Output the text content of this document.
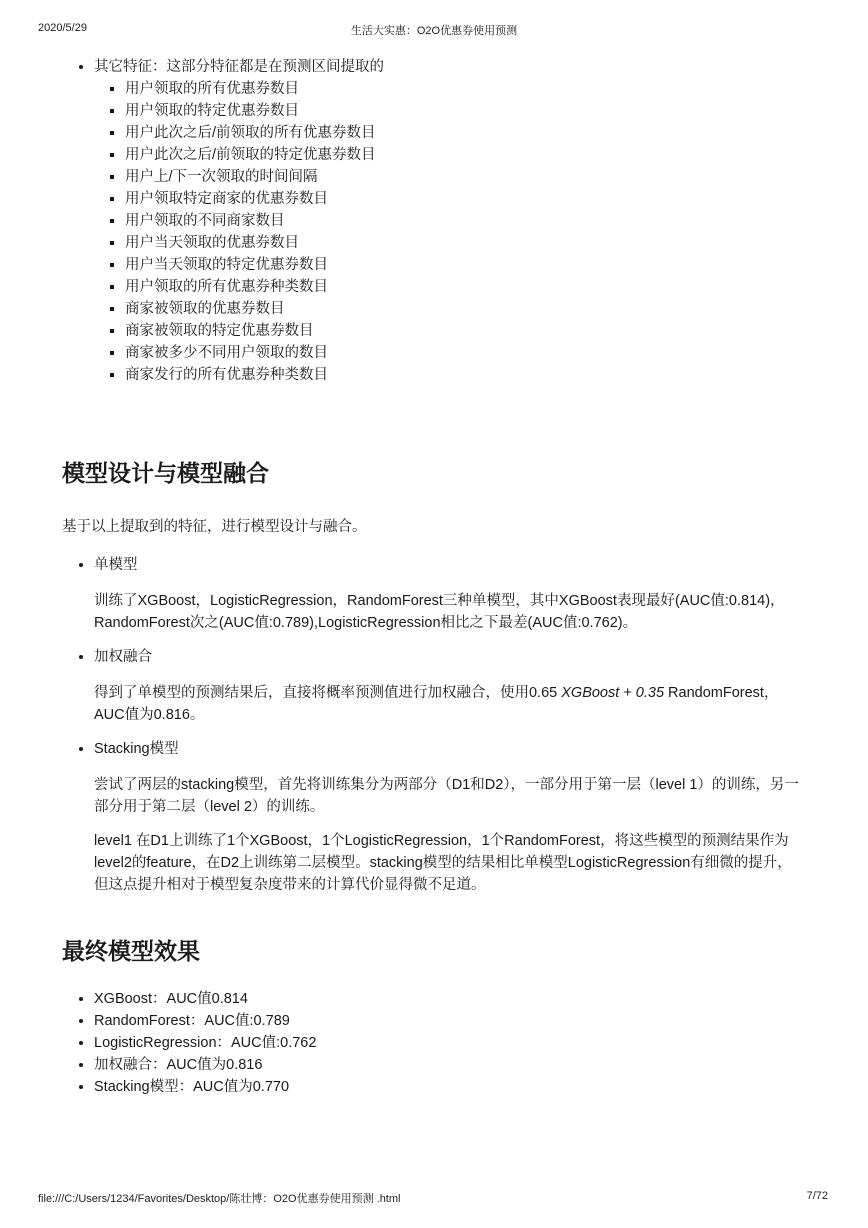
2020/5/29	生活大实惠：O2O优惠券使用预测
• 其它特征：这部分特征都是在预测区间提取的
▪ 用户领取的所有优惠券数目
▪ 用户领取的特定优惠券数目
▪ 用户此次之后/前领取的所有优惠券数目
▪ 用户此次之后/前领取的特定优惠券数目
▪ 用户上/下一次领取的时间间隔
▪ 用户领取特定商家的优惠券数目
▪ 用户领取的不同商家数目
▪ 用户当天领取的优惠券数目
▪ 用户当天领取的特定优惠券数目
▪ 用户领取的所有优惠券种类数目
▪ 商家被领取的优惠券数目
▪ 商家被领取的特定优惠券数目
▪ 商家被多少不同用户领取的数目
▪ 商家发行的所有优惠券种类数目
模型设计与模型融合

基于以上提取到的特征，进行模型设计与融合。

• 单模型

训练了XGBoost，LogisticRegression，RandomForest三种单模型，其中XGBoost表现最好(AUC值:0.814)，RandomForest次之(AUC值:0.789),LogisticRegression相比之下最差(AUC值:0.762)。

• 加权融合

得到了单模型的预测结果后，直接将概率预测值进行加权融合，使用0.65 XGBoost + 0.35 RandomForest，AUC值为0.816。

• Stacking模型

尝试了两层的stacking模型，首先将训练集分为两部分（D1和D2），一部分用于第一层（level 1）的训练，另一部分用于第二层（level 2）的训练。

level1 在D1上训练了1个XGBoost，1个LogisticRegression，1个RandomForest，将这些模型的预测结果作为level2的feature，在D2上训练第二层模型。stacking模型的结果相比单模型LogisticRegression有细微的提升，但这点提升相对于模型复杂度带来的计算代价显得微不足道。

最终模型效果
• XGBoost：AUC值0.814
• RandomForest：AUC值:0.789
• LogisticRegression：AUC值:0.762
• 加权融合：AUC值为0.816
• Stacking模型：AUC值为0.770
file:///C:/Users/1234/Favorites/Desktop/陈壮博：O2O优惠券使用预测 .html	7/72
